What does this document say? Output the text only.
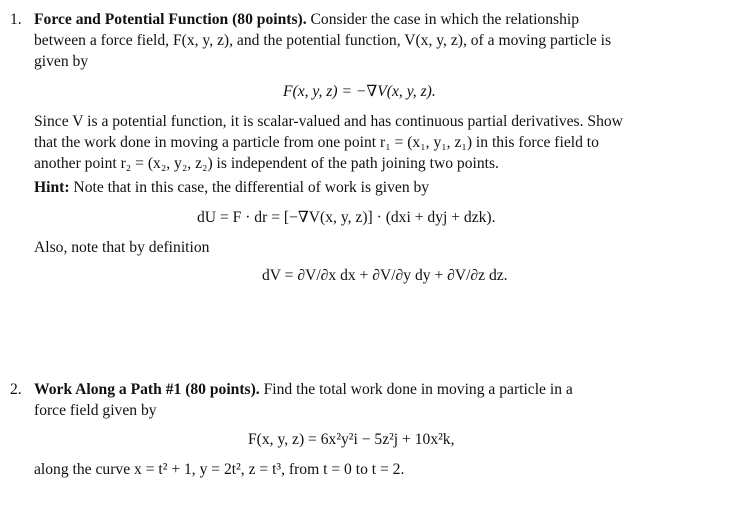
1. Force and Potential Function (80 points). Consider the case in which the relationship
between a force field, F(x, y, z), and the potential function, V(x, y, z), of a moving particle is
given by
F(x, y, z) = −∇V(x, y, z).
Since V is a potential function, it is scalar-valued and has continuous partial derivatives. Show
that the work done in moving a particle from one point r₁ = (x₁, y₁, z₁) in this force field to
another point r₂ = (x₂, y₂, z₂) is independent of the path joining two points.
Hint: Note that in this case, the differential of work is given by
dU = F · dr = [−∇V(x, y, z)] · (dxi + dyj + dzk).
Also, note that by definition
dV = ∂V/∂x dx + ∂V/∂y dy + ∂V/∂z dz.
2. Work Along a Path #1 (80 points). Find the total work done in moving a particle in a
force field given by
F(x, y, z) = 6x²y²i − 5z²j + 10x²k,
along the curve x = t² + 1, y = 2t², z = t³, from t = 0 to t = 2.
